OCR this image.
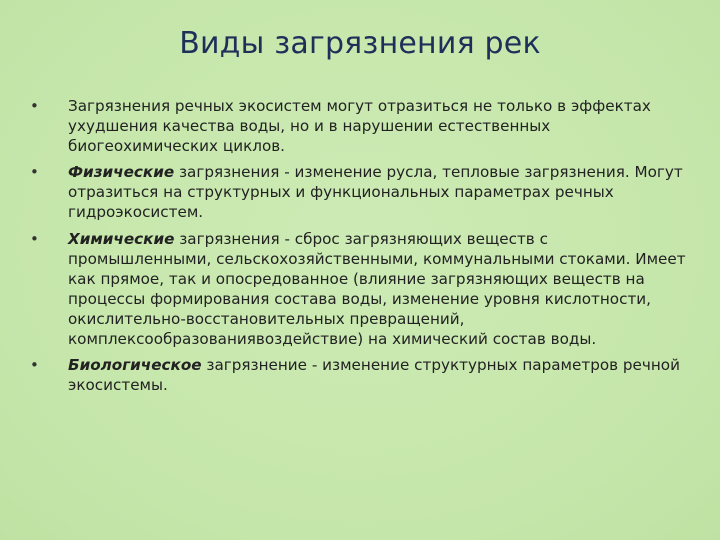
Виды загрязнения рек
• Загрязнения речных экосистем могут отразиться не только в эффектах ухудшения качества воды, но и в нарушении естественных биогеохимических циклов.
• Физические загрязнения - изменение русла, тепловые загрязнения. Могут отразиться на структурных и функциональных параметрах речных гидроэкосистем.
• Химические загрязнения - сброс загрязняющих веществ с промышленными, сельскохозяйственными, коммунальными стоками. Имеет как прямое, так и опосредованное (влияние загрязняющих веществ на процессы формирования состава воды, изменение уровня кислотности, окислительно-восстановительных превращений, комплексообразованиявоздействие) на химический состав воды.
• Биологическое загрязнение - изменение структурных параметров речной экосистемы.
